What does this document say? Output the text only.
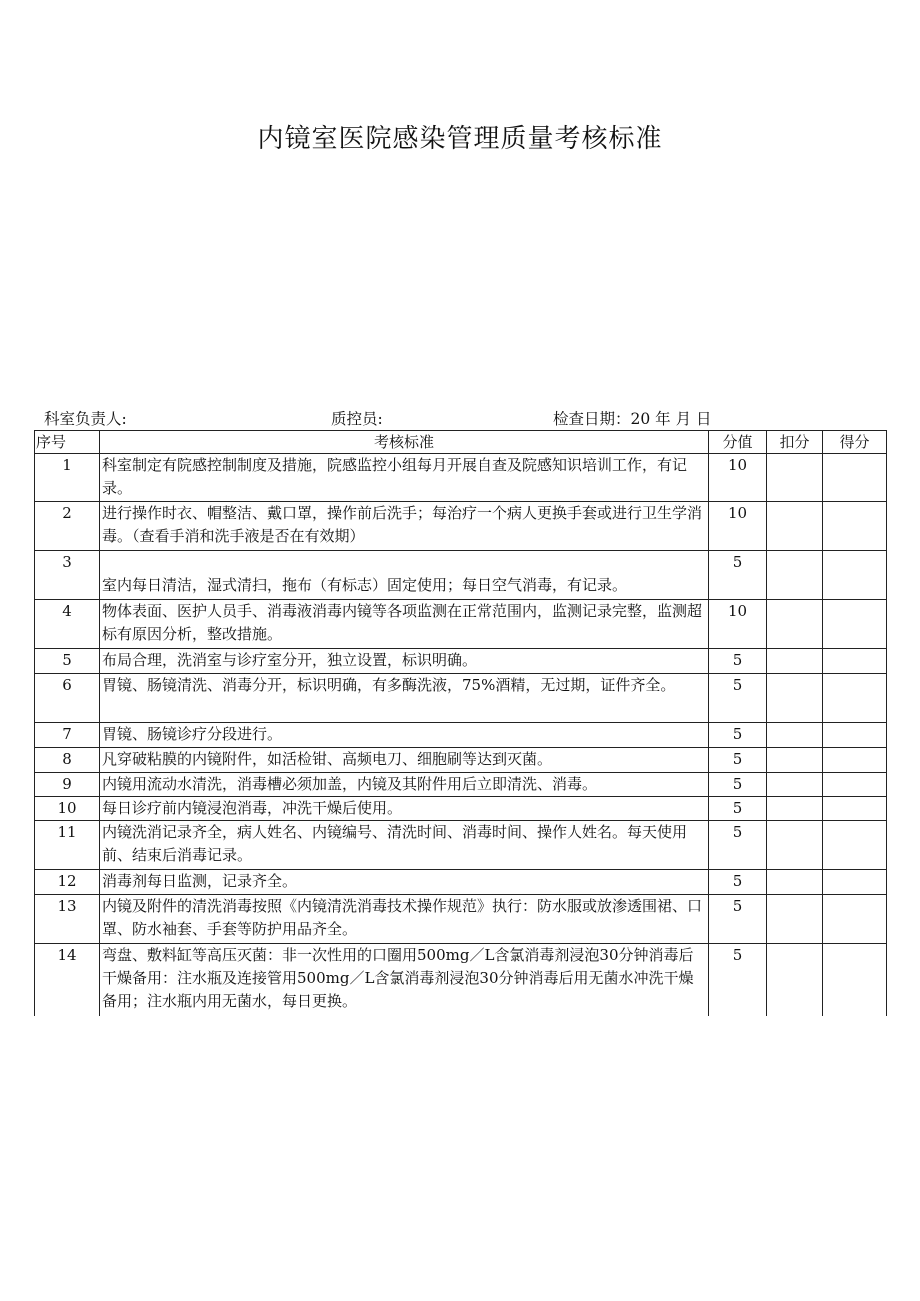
内镜室医院感染管理质量考核标准
科室负责人:	质控员:	检查日期：20 年 月 日
序号	考核标准	分值	扣分	得分
1	科室制定有院感控制制度及措施，院感监控小组每月开展自查及院感知识培训工作，有记录。	10		
2	进行操作时衣、帽整洁、戴口罩，操作前后洗手；每治疗一个病人更换手套或进行卫生学消毒。（查看手消和洗手液是否在有效期）	10		
3	室内每日清洁，湿式清扫，拖布（有标志）固定使用；每日空气消毒，有记录。	5		
4	物体表面、医护人员手、消毒液消毒内镜等各项监测在正常范围内，监测记录完整，监测超标有原因分析，整改措施。	10		
5	布局合理，洗消室与诊疗室分开，独立设置，标识明确。	5		
6	胃镜、肠镜清洗、消毒分开，标识明确，有多酶洗液，75%酒精，无过期，证件齐全。	5		
7	胃镜、肠镜诊疗分段进行。	5		
8	凡穿破粘膜的内镜附件，如活检钳、高频电刀、细胞刷等达到灭菌。	5		
9	内镜用流动水清洗，消毒槽必须加盖，内镜及其附件用后立即清洗、消毒。	5		
10	每日诊疗前内镜浸泡消毒，冲洗干燥后使用。	5		
11	内镜洗消记录齐全，病人姓名、内镜编号、清洗时间、消毒时间、操作人姓名。每天使用前、结束后消毒记录。	5		
12	消毒剂每日监测，记录齐全。	5		
13	内镜及附件的清洗消毒按照《内镜清洗消毒技术操作规范》执行：防水服或放渗透围裙、口罩、防水袖套、手套等防护用品齐全。	5		
14	弯盘、敷料缸等高压灭菌：非一次性用的口圈用500mg／L含氯消毒剂浸泡30分钟消毒后干燥备用：注水瓶及连接管用500mg／L含氯消毒剂浸泡30分钟消毒后用无菌水冲洗干燥备用；注水瓶内用无菌水，每日更换。	5		
